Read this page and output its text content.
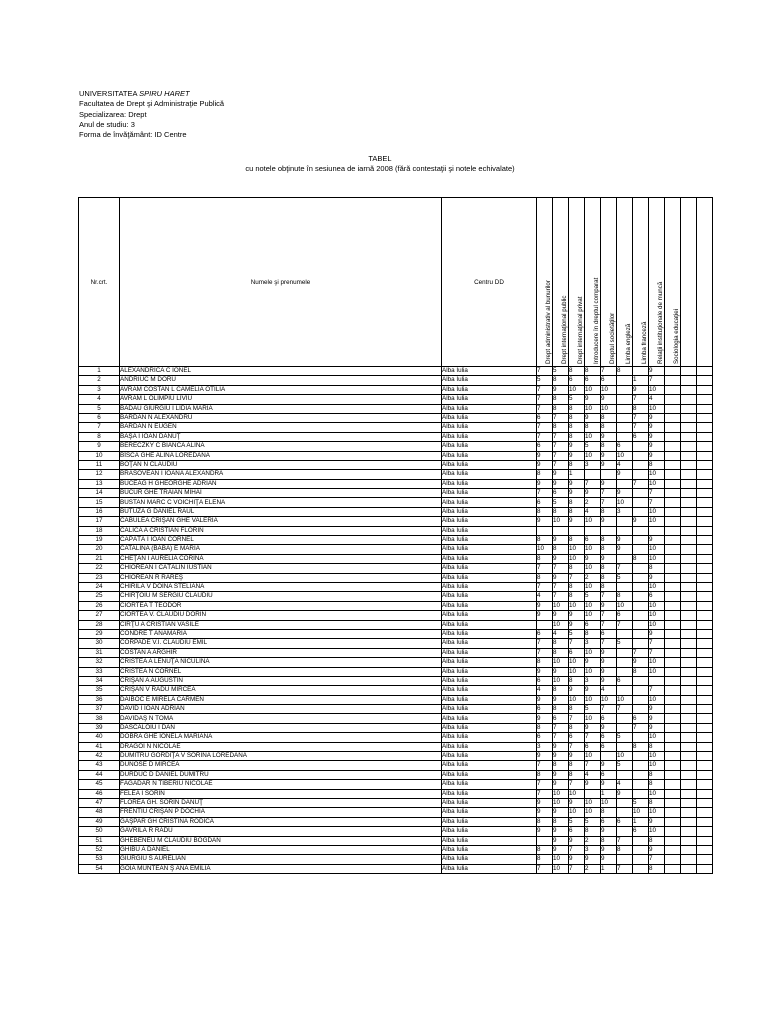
UNIVERSITATEA SPIRU HARET
Facultatea de Drept şi Administraţie Publică
Specializarea: Drept
Anul de studiu: 3
Forma de învăţământ: ID Centre
TABEL
cu notele obţinute în sesiunea de iarnă 2008 (fără contestaţii şi notele echivalate)
Nr.crt.	Numele şi prenumele	Centru DD	Drept administrativ al bunurilor	Drept internaţional public	Drept internaţional privat	Introducere în dreptul comparat	Dreptul societăţilor	Limba engleză	Limba franceză	Relaţii instituţionale de muncă	Sociologia educaţiei		

1	ALEXANDRICA C IONEL	Alba Iulia	7	5	8	8	7	8		9			
2	ANDRIUC M DORU	Alba Iulia	5	8	6	6	6		1	7			
3	AVRAM COSTAN L CAMELIA OTILIA	Alba Iulia	7	9	10	10	10		9	10			
4	AVRAM L OLIMPIU LIVIU	Alba Iulia	7	8	5	9	9		7	4			
5	BADAU GIURGIU I LIDIA MARIA	Alba Iulia	7	8	8	10	10		8	10			
6	BARDAN N ALEXANDRU	Alba Iulia	6	7	8	9	8		7	9			
7	BARDAN N EUGEN	Alba Iulia	7	8	8	8	8		7	9			
8	BAŞA I IOAN DĂNUŢ	Alba Iulia	7	7	8	10	9		6	9			
9	BERECZKY C BIANCA ALINA	Alba Iulia	6	7	9	5	8	6		9			
10	BÎSCĂ GHE ALINA LOREDANA	Alba Iulia	9	7	9	10	9	10		9			
11	BOŢAN N CLAUDIU	Alba Iulia	9	7	8	3	9	4		8			
12	BRASOVEAN I IOANA ALEXANDRA	Alba Iulia	8	9	1			9		10			
13	BUCEAG H GHEORGHE ADRIAN	Alba Iulia	9	9	9	7	9		7	10			
14	BUCUR GHE TRAIAN MIHAI	Alba Iulia	7	6	9	9	7	9		7			
15	BUSTAN MARC C VOICHIŢA ELENA	Alba Iulia	6	5	8	2	7	10		7			
16	BUTUZA G DANIEL RAUL	Alba Iulia	8	8	8	4	8	3		10			
17	CABULEA CRIŞAN GHE VALERIA	Alba Iulia	9	10	9	10	9		9	10			
18	CALICA A CRISTIAN FLORIN	Alba Iulia											
19	CAPĂTĂ I IOAN CORNEL	Alba Iulia	8	9	8	6	8	9		9			
20	CATALINA (BABA) E MARIA	Alba Iulia	10	8	10	10	8	9		10			
21	CHEŢAN I AURELIA CORINA	Alba Iulia	8	9	10	9	9		8	10			
22	CHIOREAN I CĂTĂLIN IUSTIAN	Alba Iulia	7	7	8	10	8	7		8			
23	CHIOREAN R RAREŞ	Alba Iulia	8	9	7	2	8	5		9			
24	CHIRILĂ V DOINA STELIANA	Alba Iulia	7	7	8	10	8			10			
25	CHIRŢOIU M SERGIU CLAUDIU	Alba Iulia	4	7	8	5	7	8		6			
26	CIORTEA T TEODOR	Alba Iulia	9	10	10	10	9	10		10			
27	CIORTEA V. CLAUDIU DORIN	Alba Iulia	9	9	9	10	7	6		10			
28	CÎRŢU A CRISTIAN VASILE	Alba Iulia		10	9	6	7	7		10			
29	CONDRE T ANAMARIA	Alba Iulia	6	4	5	8	6			9			
30	CORPADE V.I. CLAUDIU EMIL	Alba Iulia	7	8	7	3	7	5		7			
31	COSTAN A ARGHIR	Alba Iulia	7	8	6	10	9		7	7			
32	CRISTEA A LENUŢA NICULINA	Alba Iulia	8	10	10	9	9		9	10			
33	CRISTEA N CORNEL	Alba Iulia	9	9	10	10	9		8	10			
34	CRIŞAN A AUGUSTIN	Alba Iulia	6	10	8	3	9	6					
35	CRIŞAN V RADU MIRCEA	Alba Iulia	4	8	9	9	4			7			
36	DAIBOC E MIRELA CARMEN	Alba Iulia	9	9	10	10	10	10		10			
37	DAVID I IOAN ADRIAN	Alba Iulia	6	8	8	5	7	7		9			
38	DAVIDAŞ N TOMA	Alba Iulia	9	6	7	10	6		6	9			
39	DASCALOIU I DAN	Alba Iulia	8	7	8	9	9		7	9			
40	DOBRA GHE IONELA MARIANA	Alba Iulia	6	7	6	7	6	5		10			
41	DRAGOI N NICOLAE	Alba Iulia	3	9	7	6	6		8	8			
42	DUMITRU GORDIŢA V SORINA LOREDANA	Alba Iulia	9	9	9	10		10		10			
43	DUNOSE D MIRCEA	Alba Iulia	7	8	8	7	9	5		10			
44	DURDUC D DANIEL DUMITRU	Alba Iulia	8	9	8	4	6			8			
45	FĂGĂDAR N TIBERIU NICOLAE	Alba Iulia	7	9	7	9	9	4		8			
46	FELEA I SORIN	Alba Iulia	7	10	10		1	9		10			
47	FLOREA GH. SORIN DĂNUŢ	Alba Iulia	9	10	9	10	10		5	8			
48	FRENTIU CRIŞAN P DOCHIA	Alba Iulia	9	9	10	10	8		10	10			
49	GAŞPAR GH CRISTINA RODICA	Alba Iulia	8	8	5	5	6	6	1	9			
50	GAVRILĂ R RADU	Alba Iulia	9	9	6	8	9		6	10			
51	GHEBENEU M CLAUDIU BOGDAN	Alba Iulia		9	9	2	8	7		8			
52	GHIBU A DANIEL	Alba Iulia	8	9	7	3	9	8		9			
53	GIURGIU S AURELIAN	Alba Iulia	8	10	9	9	9			7			
54	GOIA MUNTEAN Ş ANA EMILIA	Alba Iulia	7	10	7	2	1	7		8			
